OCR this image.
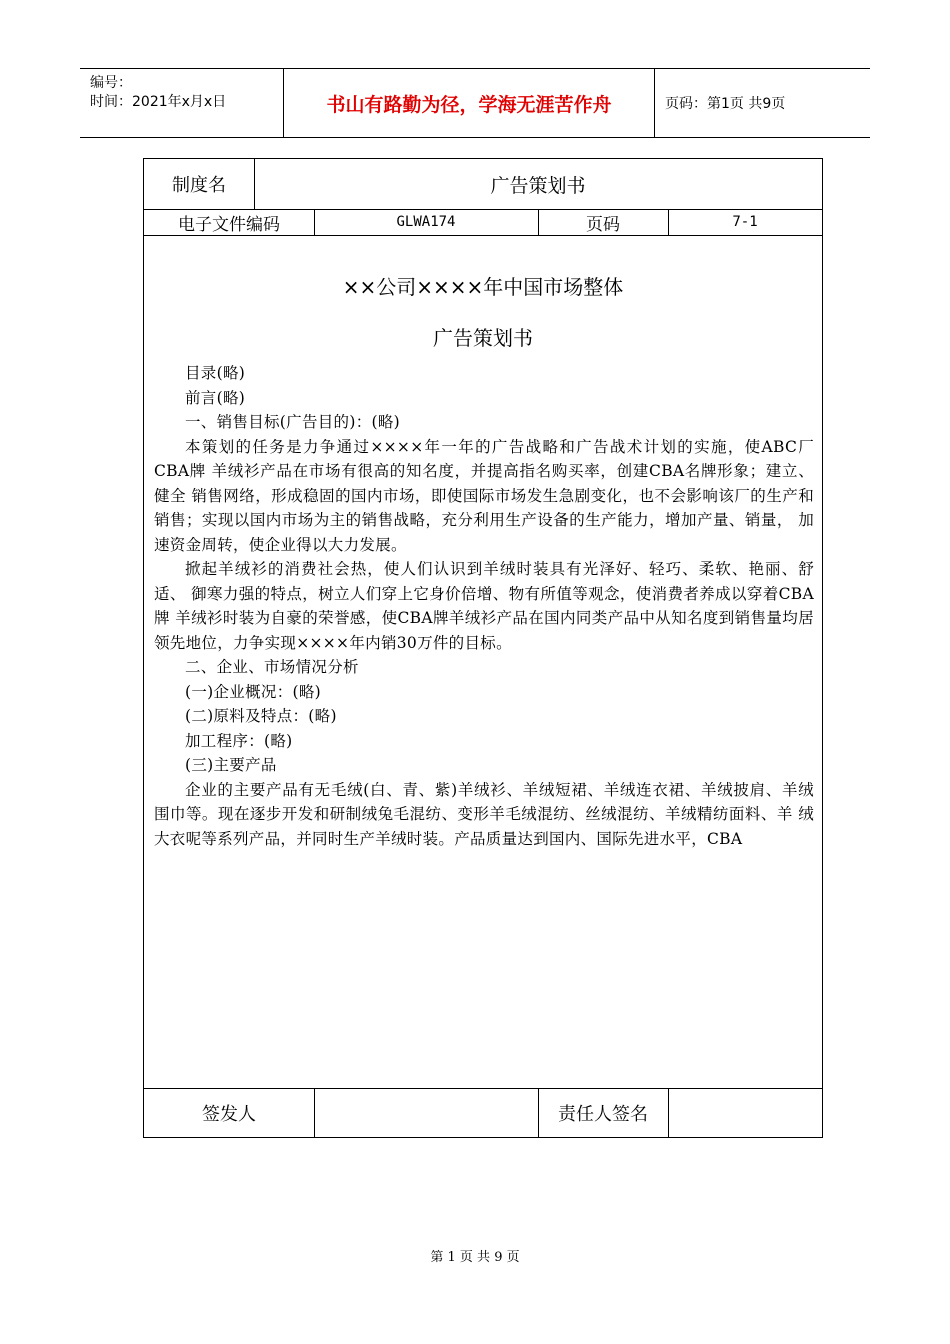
编号：
时间：2021年x月x日	书山有路勤为径，学海无涯苦作舟	页码：第1页 共9页
制度名	广告策划书
电子文件编码	GLWA174	页码	7-1
××公司××××年中国市场整体
广告策划书

目录(略)

前言(略)

一、销售目标(广告目的)：(略)

本策划的任务是力争通过××××年一年的广告战略和广告战术计划的实施，使ABC厂CBA牌 羊绒衫产品在市场有很高的知名度，并提高指名购买率，创建CBA名牌形象；建立、健全 销售网络，形成稳固的国内市场，即使国际市场发生急剧变化，也不会影响该厂的生产和 销售；实现以国内市场为主的销售战略，充分利用生产设备的生产能力，增加产量、销量， 加速资金周转，使企业得以大力发展。

掀起羊绒衫的消费社会热，使人们认识到羊绒时装具有光泽好、轻巧、柔软、艳丽、舒适、 御寒力强的特点，树立人们穿上它身价倍增、物有所值等观念，使消费者养成以穿着CBA牌 羊绒衫时装为自豪的荣誉感，使CBA牌羊绒衫产品在国内同类产品中从知名度到销售量均居 领先地位，力争实现××××年内销30万件的目标。

二、企业、市场情况分析

(一)企业概况：(略)

(二)原料及特点：(略)

加工程序：(略)

(三)主要产品

企业的主要产品有无毛绒(白、青、紫)羊绒衫、羊绒短裙、羊绒连衣裙、羊绒披肩、羊绒 围巾等。现在逐步开发和研制绒兔毛混纺、变形羊毛绒混纺、丝绒混纺、羊绒精纺面料、羊 绒大衣呢等系列产品，并同时生产羊绒时装。产品质量达到国内、国际先进水平，CBA

签发人	责任人签名
第 1 页 共 9 页
